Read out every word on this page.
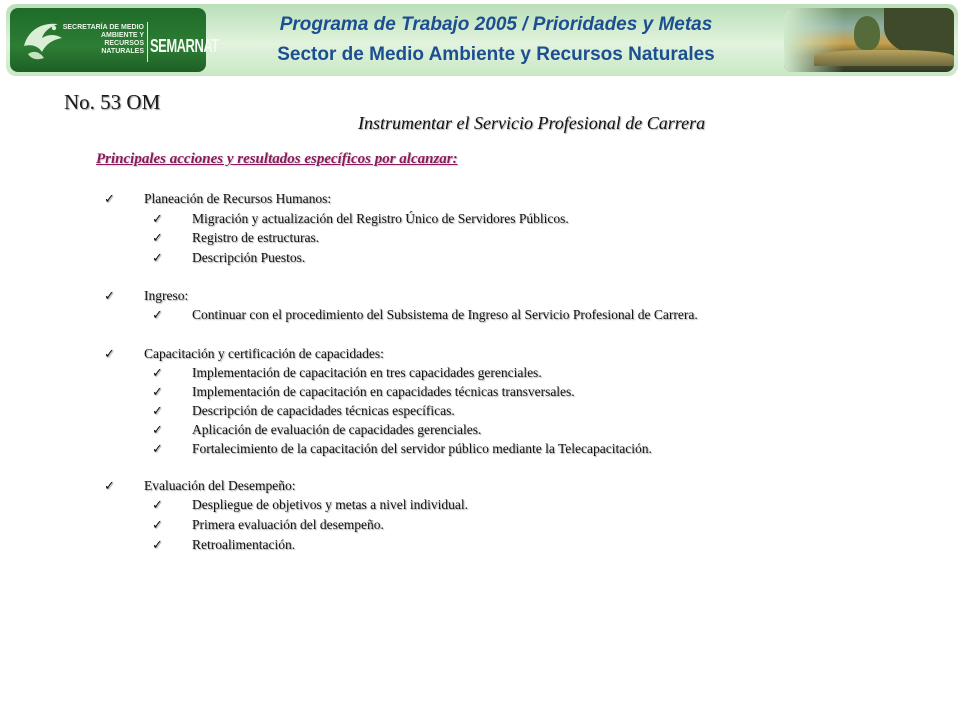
SECRETARÍA DE MEDIO AMBIENTE Y RECURSOS NATURALES SEMARNAT
Programa de Trabajo 2005 / Prioridades y Metas
Sector de Medio Ambiente y Recursos Naturales
No. 53 OM
Instrumentar el Servicio Profesional de Carrera
Principales acciones y resultados específicos por alcanzar:
✓ Planeación de Recursos Humanos:
✓ Migración y actualización del Registro Único de Servidores Públicos.
✓ Registro de estructuras.
✓ Descripción Puestos.
✓ Ingreso:
✓ Continuar con el procedimiento del Subsistema de Ingreso al Servicio Profesional de Carrera.
✓ Capacitación y certificación de capacidades:
✓ Implementación de capacitación en tres capacidades gerenciales.
✓ Implementación de capacitación en capacidades técnicas transversales.
✓ Descripción de capacidades técnicas específicas.
✓ Aplicación de evaluación de capacidades gerenciales.
✓ Fortalecimiento de la capacitación del servidor público mediante la Telecapacitación.
✓ Evaluación del Desempeño:
✓ Despliegue de objetivos y metas a nivel individual.
✓ Primera evaluación del desempeño.
✓ Retroalimentación.
